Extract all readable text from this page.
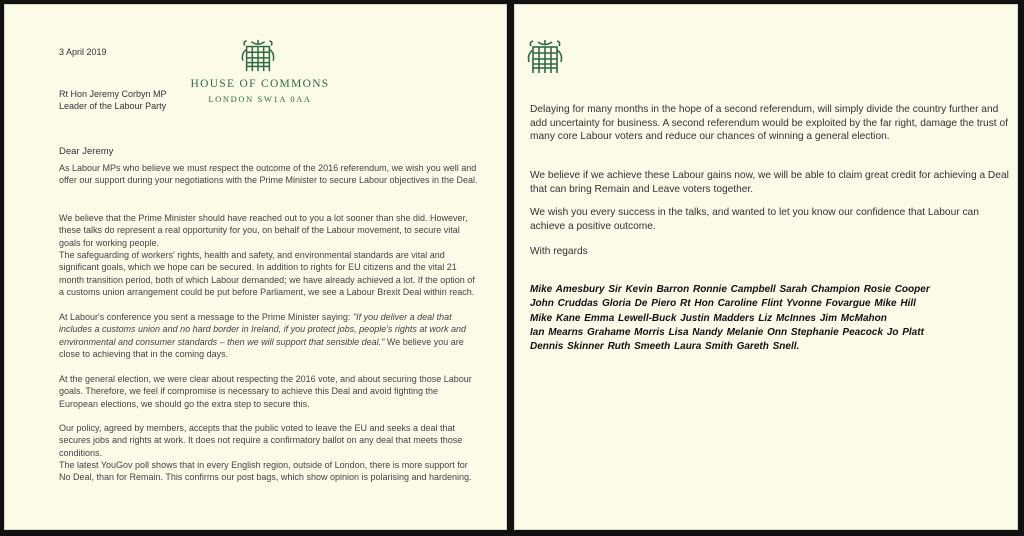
3 April 2019
HOUSE OF COMMONS
LONDON SW1A 0AA
Rt Hon Jeremy Corbyn MP
Leader of the Labour Party
Dear Jeremy
As Labour MPs who believe we must respect the outcome of the 2016 referendum, we wish you well and offer our support during your negotiations with the Prime Minister to secure Labour objectives in the Deal.
We believe that the Prime Minister should have reached out to you a lot sooner than she did. However, these talks do represent a real opportunity for you, on behalf of the Labour movement, to secure vital goals for working people.
The safeguarding of workers' rights, health and safety, and environmental standards are vital and significant goals, which we hope can be secured. In addition to rights for EU citizens and the vital 21 month transition period, both of which Labour demanded; we have already achieved a lot. If the option of a customs union arrangement could be put before Parliament, we see a Labour Brexit Deal within reach.
At Labour's conference you sent a message to the Prime Minister saying: "If you deliver a deal that includes a customs union and no hard border in Ireland, if you protect jobs, people's rights at work and environmental and consumer standards – then we will support that sensible deal." We believe you are close to achieving that in the coming days.
At the general election, we were clear about respecting the 2016 vote, and about securing those Labour goals. Therefore, we feel if compromise is necessary to achieve this Deal and avoid fighting the European elections, we should go the extra step to secure this.
Our policy, agreed by members, accepts that the public voted to leave the EU and seeks a deal that secures jobs and rights at work. It does not require a confirmatory ballot on any deal that meets those conditions.
The latest YouGov poll shows that in every English region, outside of London, there is more support for No Deal, than for Remain. This confirms our post bags, which show opinion is polarising and hardening.
Delaying for many months in the hope of a second referendum, will simply divide the country further and add uncertainty for business. A second referendum would be exploited by the far right, damage the trust of many core Labour voters and reduce our chances of winning a general election.
We believe if we achieve these Labour gains now, we will be able to claim great credit for achieving a Deal that can bring Remain and Leave voters together.
We wish you every success in the talks, and wanted to let you know our confidence that Labour can achieve a positive outcome.
With regards
Mike Amesbury Sir Kevin Barron Ronnie Campbell Sarah Champion Rosie Cooper
John Cruddas Gloria De Piero Rt Hon Caroline Flint Yvonne Fovargue Mike Hill
Mike Kane Emma Lewell-Buck Justin Madders Liz McInnes Jim McMahon
Ian Mearns Grahame Morris Lisa Nandy Melanie Onn Stephanie Peacock Jo Platt
Dennis Skinner Ruth Smeeth Laura Smith Gareth Snell.
